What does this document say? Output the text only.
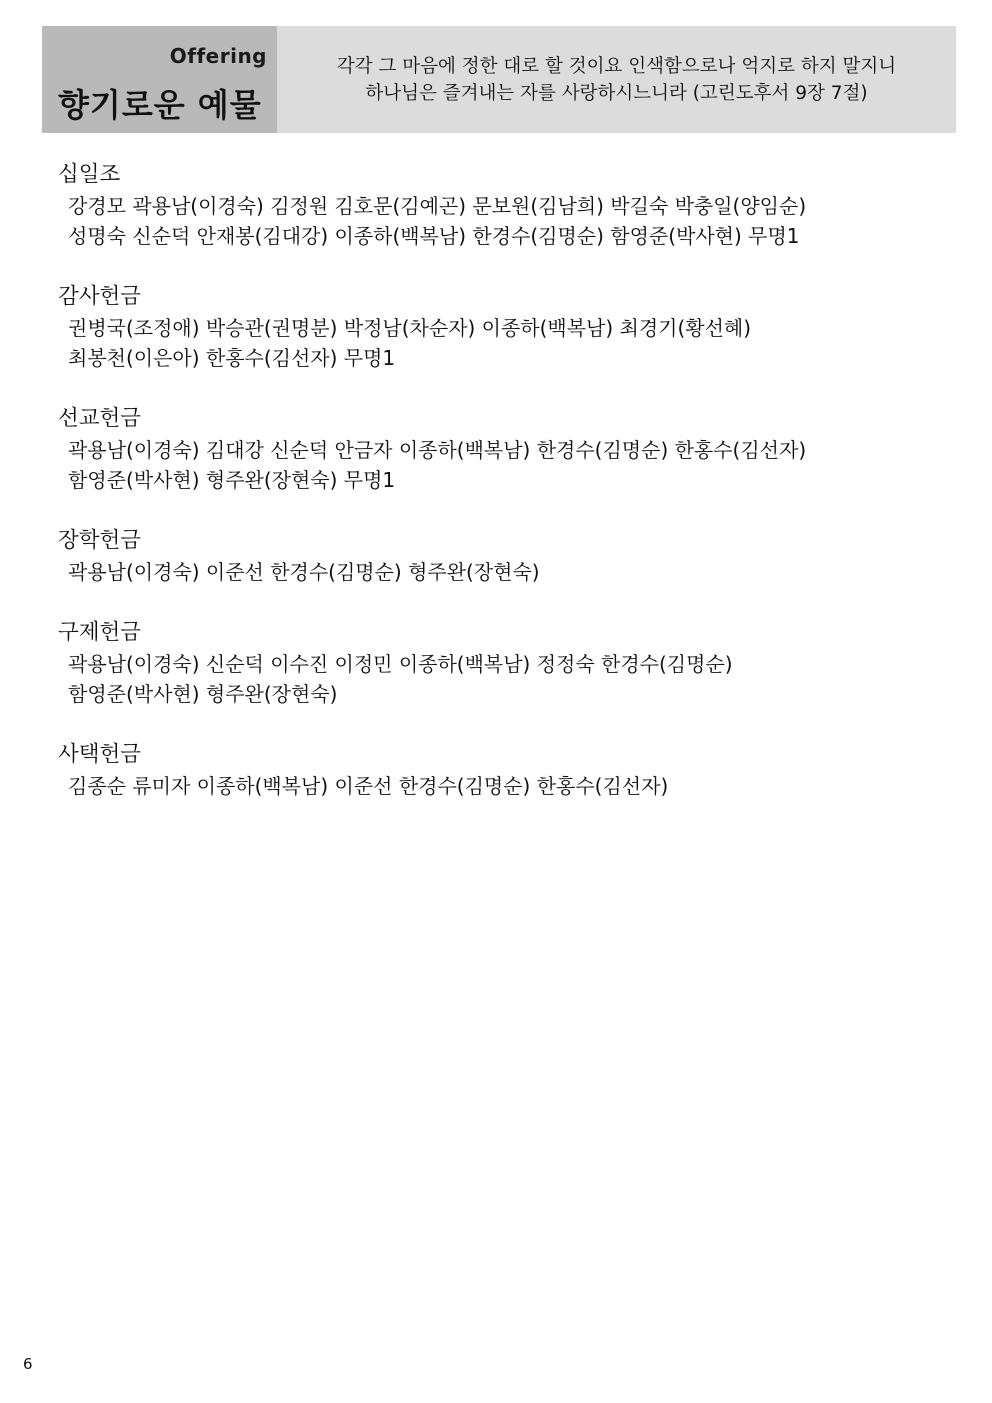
Offering
향기로운 예물
각각 그 마음에 정한 대로 할 것이요 인색함으로나 억지로 하지 말지니
하나님은 즐겨내는 자를 사랑하시느니라 (고린도후서 9장 7절)
십일조
강경모 곽용남(이경숙) 김정원 김호문(김예곤) 문보원(김남희) 박길숙 박충일(양임순)
성명숙 신순덕 안재봉(김대강) 이종하(백복남) 한경수(김명순) 함영준(박사현) 무명1
감사헌금
권병국(조정애) 박승관(권명분) 박정남(차순자) 이종하(백복남) 최경기(황선혜)
최봉천(이은아) 한홍수(김선자) 무명1
선교헌금
곽용남(이경숙) 김대강 신순덕 안금자 이종하(백복남) 한경수(김명순) 한홍수(김선자)
함영준(박사현) 형주완(장현숙) 무명1
장학헌금
곽용남(이경숙) 이준선 한경수(김명순) 형주완(장현숙)
구제헌금
곽용남(이경숙) 신순덕 이수진 이정민 이종하(백복남) 정정숙 한경수(김명순)
함영준(박사현) 형주완(장현숙)
사택헌금
김종순 류미자 이종하(백복남) 이준선 한경수(김명순) 한홍수(김선자)
6
